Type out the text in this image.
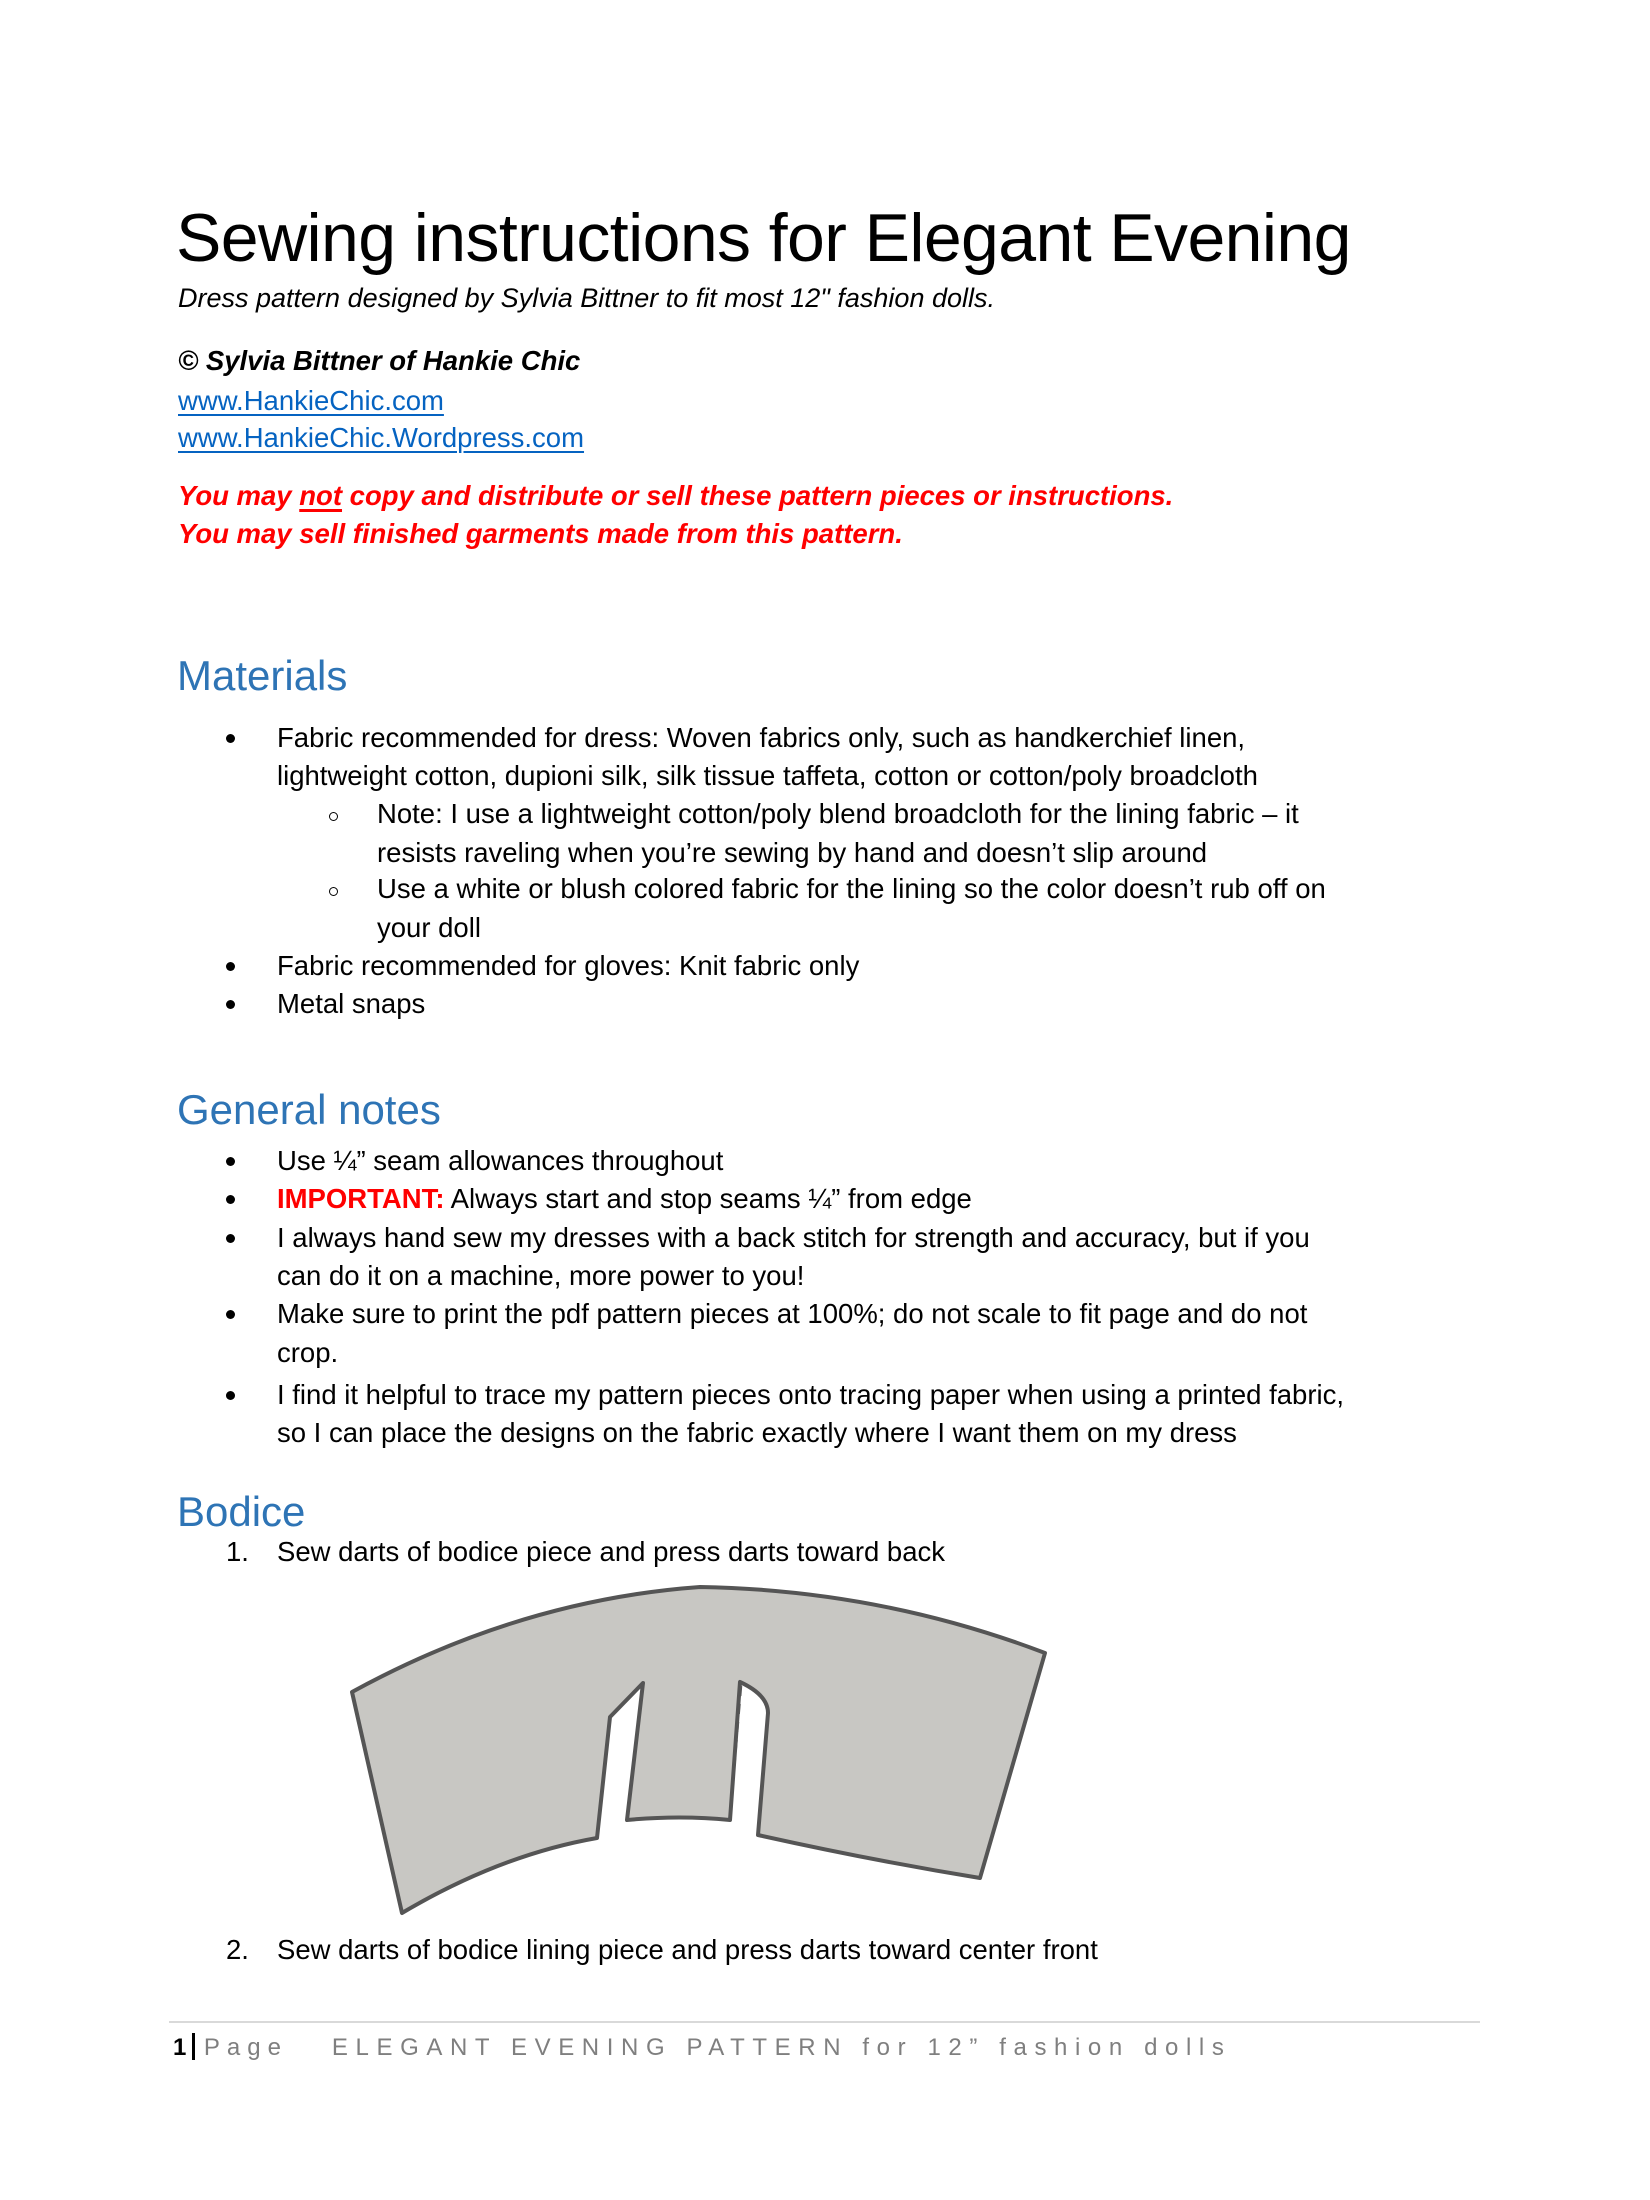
Sewing instructions for Elegant Evening
Dress pattern designed by Sylvia Bittner to fit most 12" fashion dolls.
© Sylvia Bittner of Hankie Chic
www.HankieChic.com
www.HankieChic.Wordpress.com
You may not copy and distribute or sell these pattern pieces or instructions.
You may sell finished garments made from this pattern.
Materials
Fabric recommended for dress: Woven fabrics only, such as handkerchief linen,
lightweight cotton, dupioni silk, silk tissue taffeta, cotton or cotton/poly broadcloth
Note: I use a lightweight cotton/poly blend broadcloth for the lining fabric – it
resists raveling when you’re sewing by hand and doesn’t slip around
Use a white or blush colored fabric for the lining so the color doesn’t rub off on
your doll
Fabric recommended for gloves: Knit fabric only
Metal snaps
General notes
Use ¼” seam allowances throughout
IMPORTANT: Always start and stop seams ¼” from edge
I always hand sew my dresses with a back stitch for strength and accuracy, but if you
can do it on a machine, more power to you!
Make sure to print the pdf pattern pieces at 100%; do not scale to fit page and do not
crop.
I find it helpful to trace my pattern pieces onto tracing paper when using a printed fabric,
so I can place the designs on the fabric exactly where I want them on my dress
Bodice
1. Sew darts of bodice piece and press darts toward back
2. Sew darts of bodice lining piece and press darts toward center front
1 Page ELEGANT EVENING PATTERN for 12” fashion dolls
